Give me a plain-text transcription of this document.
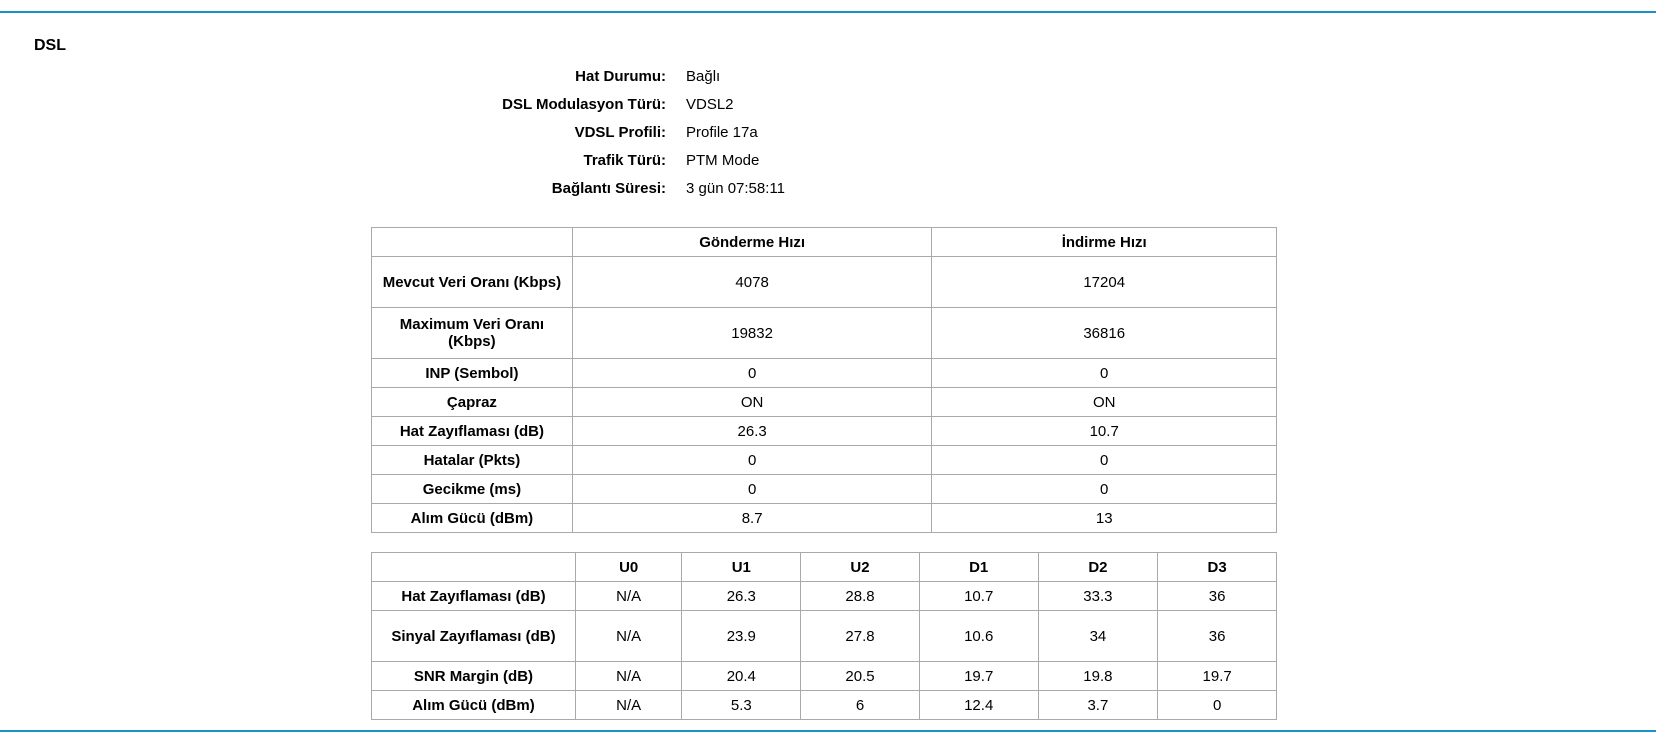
DSL
Hat Durumu:	Bağlı
DSL Modulasyon Türü:	VDSL2
VDSL Profili:	Profile 17a
Trafik Türü:	PTM Mode
Bağlantı Süresi:	3 gün 07:58:11
	Gönderme Hızı	İndirme Hızı
Mevcut Veri Oranı (Kbps)	4078	17204
Maximum Veri Oranı (Kbps)	19832	36816
INP (Sembol)	0	0
Çapraz	ON	ON
Hat Zayıflaması (dB)	26.3	10.7
Hatalar (Pkts)	0	0
Gecikme (ms)	0	0
Alım Gücü (dBm)	8.7	13
	U0	U1	U2	D1	D2	D3
Hat Zayıflaması (dB)	N/A	26.3	28.8	10.7	33.3	36
Sinyal Zayıflaması (dB)	N/A	23.9	27.8	10.6	34	36
SNR Margin (dB)	N/A	20.4	20.5	19.7	19.8	19.7
Alım Gücü (dBm)	N/A	5.3	6	12.4	3.7	0
